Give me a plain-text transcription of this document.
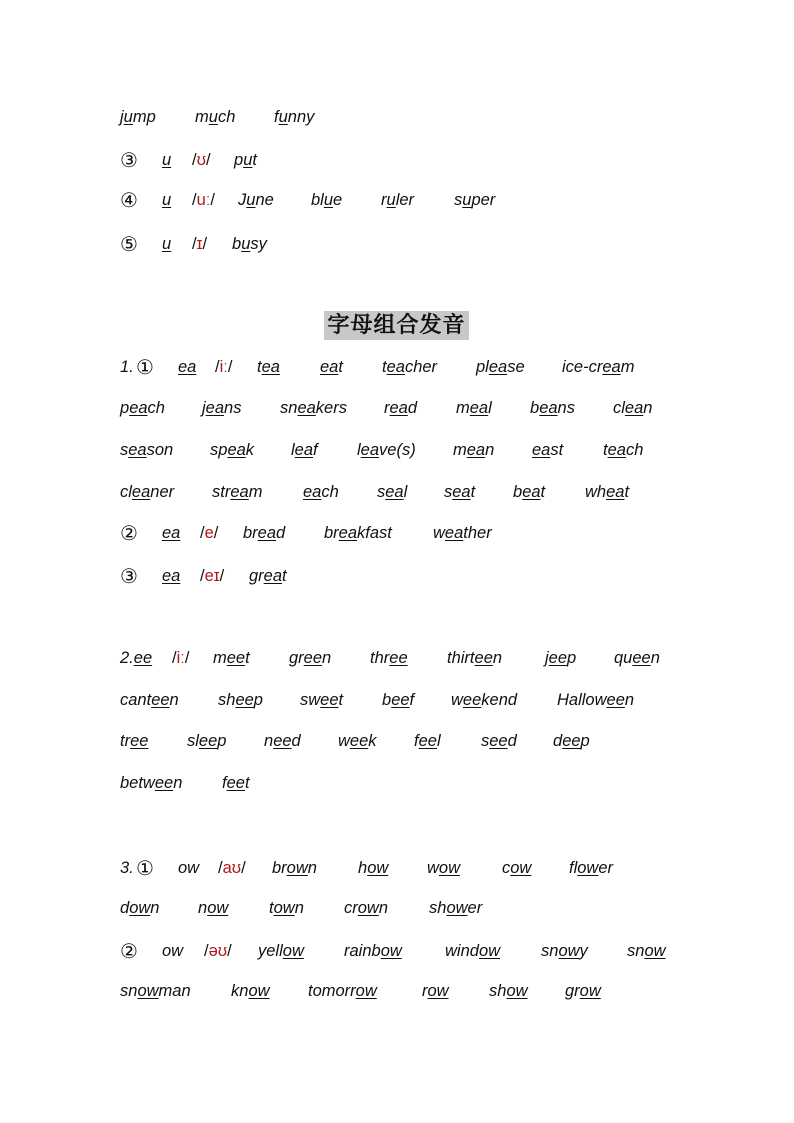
字母组合发音
jump much funny
③ u /ʊ/ put
④ u /uː/ June blue ruler super
⑤ u /ɪ/ busy
1. ① ea /iː/ tea eat teacher please ice-cream
peach jeans sneakers read meal beans clean
season speak leaf leave(s) mean east teach
cleaner stream each seal seat beat wheat
② ea /e/ bread breakfast weather
③ ea /eɪ/ great
2.ee /iː/ meet green three thirteen	jeep queen
canteen sheep sweet beef weekend Halloween
tree sleep need week feel seed deep
between feet
3. ① ow /aʊ/ brown how wow	cow flower
down now town crown shower
② ow /əʊ/ yellow rainbow	window snowy snow
snowman know tomorrow	row show grow
